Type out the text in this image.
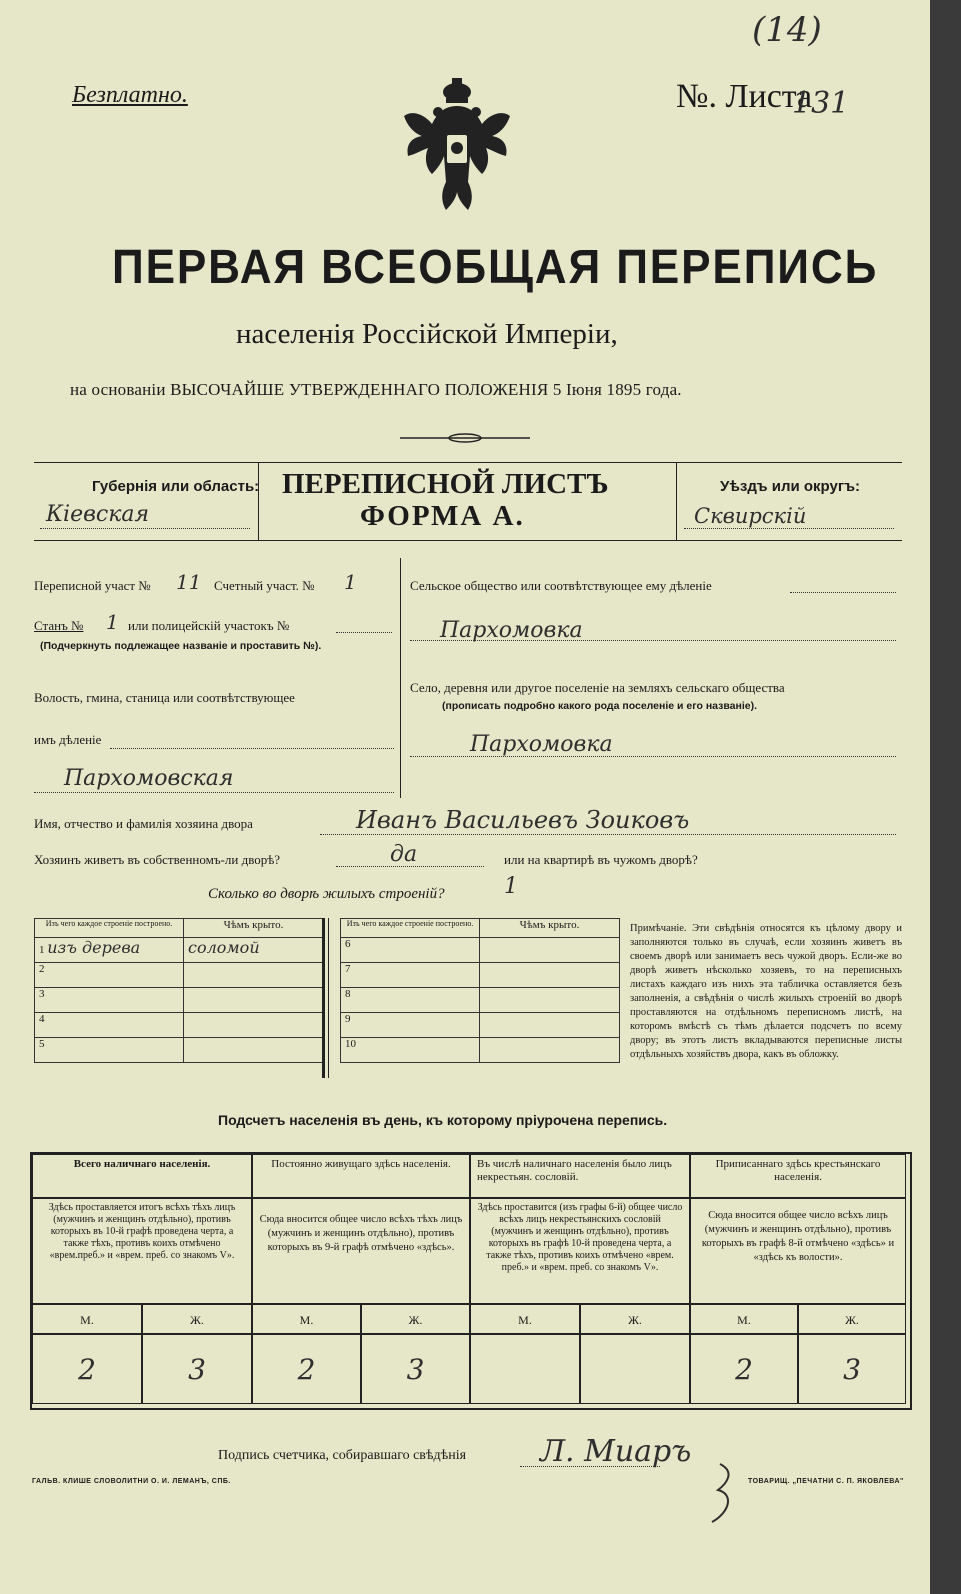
Безплатно.	№. Листа
131
(14)
ПЕРВАЯ ВСЕОБЩАЯ ПЕРЕПИСЬ
населенія Россійской Имперіи,
на основаніи ВЫСОЧАЙШЕ УТВЕРЖДЕННАГО ПОЛОЖЕНІЯ 5 Іюня 1895 года.
Губернія или область:
Кіевская
ПЕРЕПИСНОЙ ЛИСТЪ
ФОРМА А.
Уѣздъ или округъ:
Сквирскій
Переписной участ № 11 Счетный участ. № 1
Станъ № 1 или полицейскій участокъ №
(Подчеркнуть подлежащее названіе и проставить №).
Волость, гмина, станица или соотвѣтствующее
имъ дѣленіе
Пархомовская
Сельское общество или соотвѣтствующее ему дѣленіе
Пархомовка
Село, деревня или другое поселеніе на земляхъ сельскаго общества
(прописать подробно какого рода поселеніе и его названіе).
Пархомовка
Имя, отчество и фамилія хозяина двора	Иванъ Васильевъ Зоиковъ
Хозяинъ живетъ въ собственномъ-ли дворѣ?	да	или на квартирѣ въ чужомъ дворѣ?
Сколько во дворѣ жилыхъ строеній?	1
Изъ чего каждое строеніе построено.	Чѣмъ крыто.
1 изъ дерева	соломой
2	
3	
4	
5	
Изъ чего каждое строеніе построено.	Чѣмъ крыто.
6	
7	
8	
9	
10	
Примѣчаніе. Эти свѣдѣнія относятся къ цѣлому двору и заполняются только въ случаѣ, если хозяинъ живетъ въ своемъ дворѣ или занимаетъ весь чужой дворъ. Если-же во дворѣ живетъ нѣсколько хозяевъ, то на переписныхъ листахъ каждаго изъ нихъ эта табличка оставляется безъ заполненія, а свѣдѣнія о числѣ жилыхъ строеній во дворѣ проставляются на отдѣльномъ переписномъ листѣ, на которомъ вмѣстѣ съ тѣмъ дѣлается подсчетъ по всему двору; въ этотъ листъ вкладываются переписные листы отдѣльныхъ хозяйствъ двора, какъ въ обложку.
Подсчетъ населенія въ день, къ которому пріурочена перепись.
Всего наличнаго населенія.
Здѣсь проставляется итогъ всѣхъ тѣхъ лицъ (мужчинъ и женщинъ отдѣльно), противъ которыхъ въ 10-й графѣ проведена черта, а также тѣхъ, противъ коихъ отмѣчено «врем.преб.» и «врем. преб. со знакомъ V».
М.	Ж.
2	3
Постоянно живущаго здѣсь населенія.
Сюда вносится общее число всѣхъ тѣхъ лицъ (мужчинъ и женщинъ отдѣльно), противъ которыхъ въ 9-й графѣ отмѣчено «здѣсь».
М.	Ж.
2	3
Въ числѣ наличнаго населенія было лицъ некрестьян. сословій.
Здѣсь проставится (изъ графы 6-й) общее число всѣхъ лицъ некрестьянскихъ сословій (мужчинъ и женщинъ отдѣльно), противъ которыхъ въ графѣ 10-й проведена черта, а также тѣхъ, противъ коихъ отмѣчено «врем. преб.» и «врем. преб. со знакомъ V».
М.	Ж.
Приписаннаго здѣсь крестьянскаго населенія.
Сюда вносится общее число всѣхъ лицъ (мужчинъ и женщинъ отдѣльно), противъ которыхъ въ графѣ 8-й отмѣчено «здѣсь» и «здѣсь къ волости».
М.	Ж.
2	3
Подпись счетчика, собиравшаго свѣдѣнія Л. Миаръ
ГАЛЬВ. КЛИШЕ СЛОВОЛИТНИ О. И. ЛЕМАНЪ, СПБ.	ТОВАРИЩ. „ПЕЧАТНИ С. П. ЯКОВЛЕВА"
